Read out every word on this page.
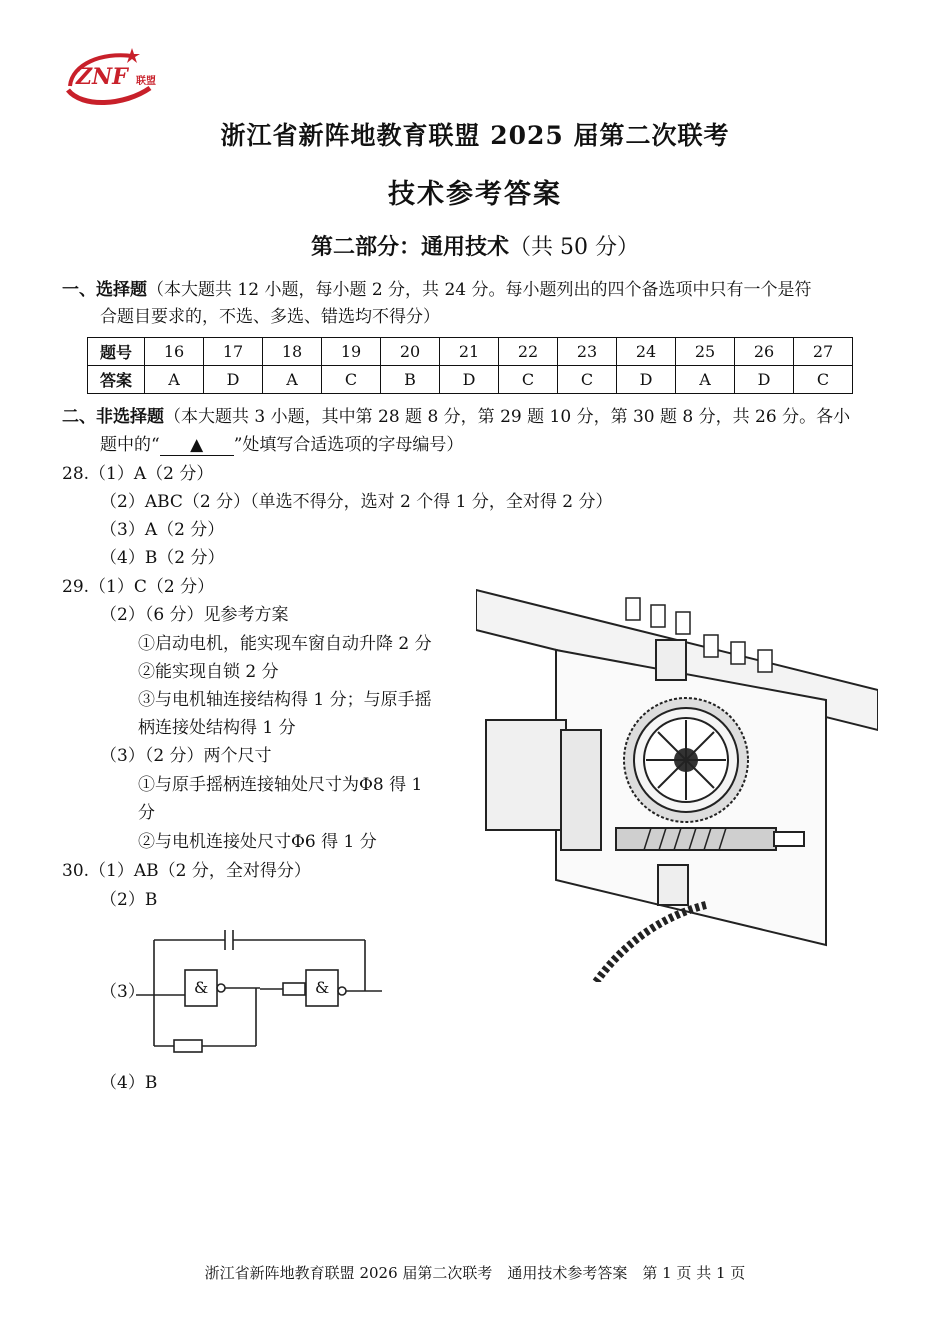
ZNF 联盟
浙江省新阵地教育联盟 2025 届第二次联考
技术参考答案
第二部分：通用技术（共 50 分）
一、选择题（本大题共 12 小题，每小题 2 分，共 24 分。每小题列出的四个备选项中只有一个是符
合题目要求的，不选、多选、错选均不得分）
题号	16	17	18	19	20	21	22	23	24	25	26	27
答案	A	D	A	C	B	D	C	C	D	A	D	C
二、非选择题（本大题共 3 小题，其中第 28 题 8 分，第 29 题 10 分，第 30 题 8 分，共 26 分。各小
题中的“ ▲ ”处填写合适选项的字母编号）
28.（1）A（2 分）
（2）ABC（2 分）（单选不得分，选对 2 个得 1 分，全对得 2 分）
（3）A（2 分）
（4）B（2 分）
29.（1）C（2 分）
（2）（6 分）见参考方案
①启动电机，能实现车窗自动升降 2 分
②能实现自锁 2 分
③与电机轴连接结构得 1 分；与原手摇
柄连接处结构得 1 分
（3）（2 分）两个尺寸
①与原手摇柄连接轴处尺寸为Φ8 得 1
分
②与电机连接处尺寸Φ6 得 1 分
30.（1）AB（2 分，全对得分）
（2）B
（3）	&	&
（4）B
浙江省新阵地教育联盟 2026 届第二次联考　通用技术参考答案　第 1 页 共 1 页
